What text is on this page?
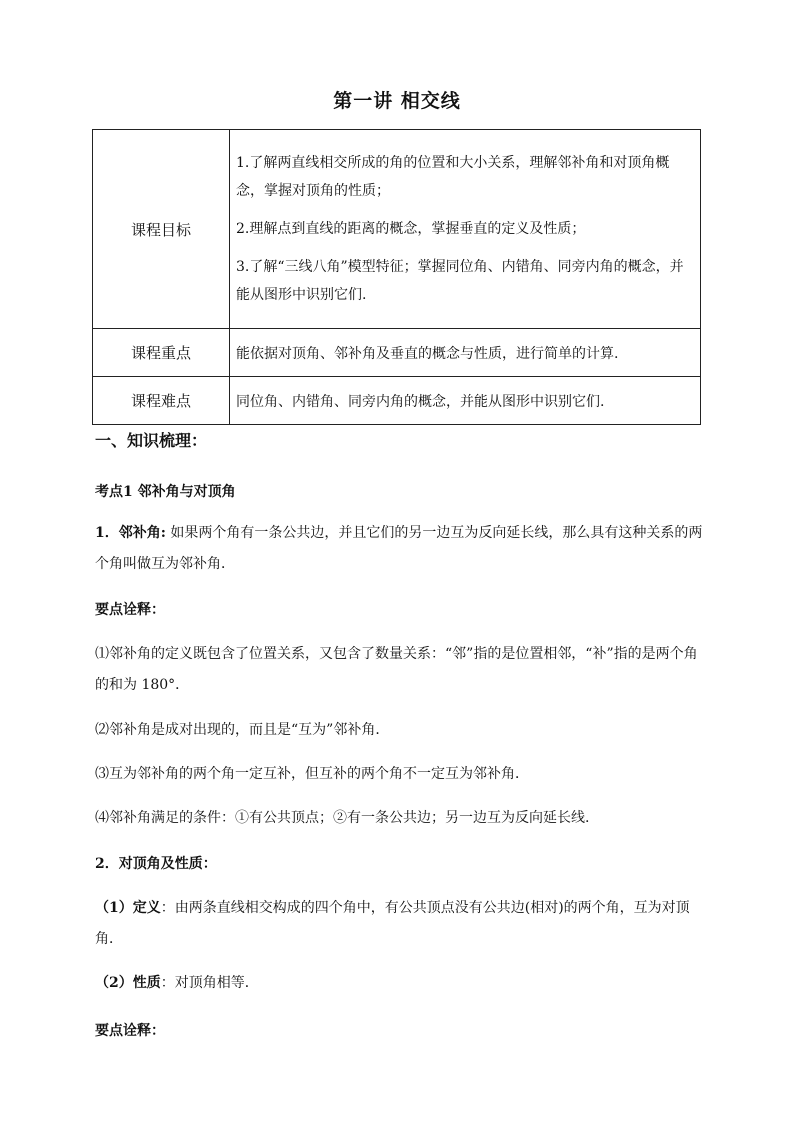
第一讲 相交线
课程目标	1.了解两直线相交所成的角的位置和大小关系，理解邻补角和对顶角概念，掌握对顶角的性质；

2.理解点到直线的距离的概念，掌握垂直的定义及性质；

3.了解“三线八角”模型特征；掌握同位角、内错角、同旁内角的概念，并能从图形中识别它们.

课程重点	能依据对顶角、邻补角及垂直的概念与性质，进行简单的计算.
课程难点	同位角、内错角、同旁内角的概念，并能从图形中识别它们.
一、知识梳理：
考点1 邻补角与对顶角
1．邻补角: 如果两个角有一条公共边，并且它们的另一边互为反向延长线，那么具有这种关系的两个角叫做互为邻补角．
要点诠释：
⑴邻补角的定义既包含了位置关系，又包含了数量关系：“邻”指的是位置相邻，“补”指的是两个角的和为 180°．
⑵邻补角是成对出现的，而且是“互为”邻补角．
⑶互为邻补角的两个角一定互补，但互补的两个角不一定互为邻补角．
⑷邻补角满足的条件：①有公共顶点；②有一条公共边；另一边互为反向延长线.
2．对顶角及性质：
（1）定义：由两条直线相交构成的四个角中，有公共顶点没有公共边(相对)的两个角，互为对顶角．
（2）性质：对顶角相等．
要点诠释：
